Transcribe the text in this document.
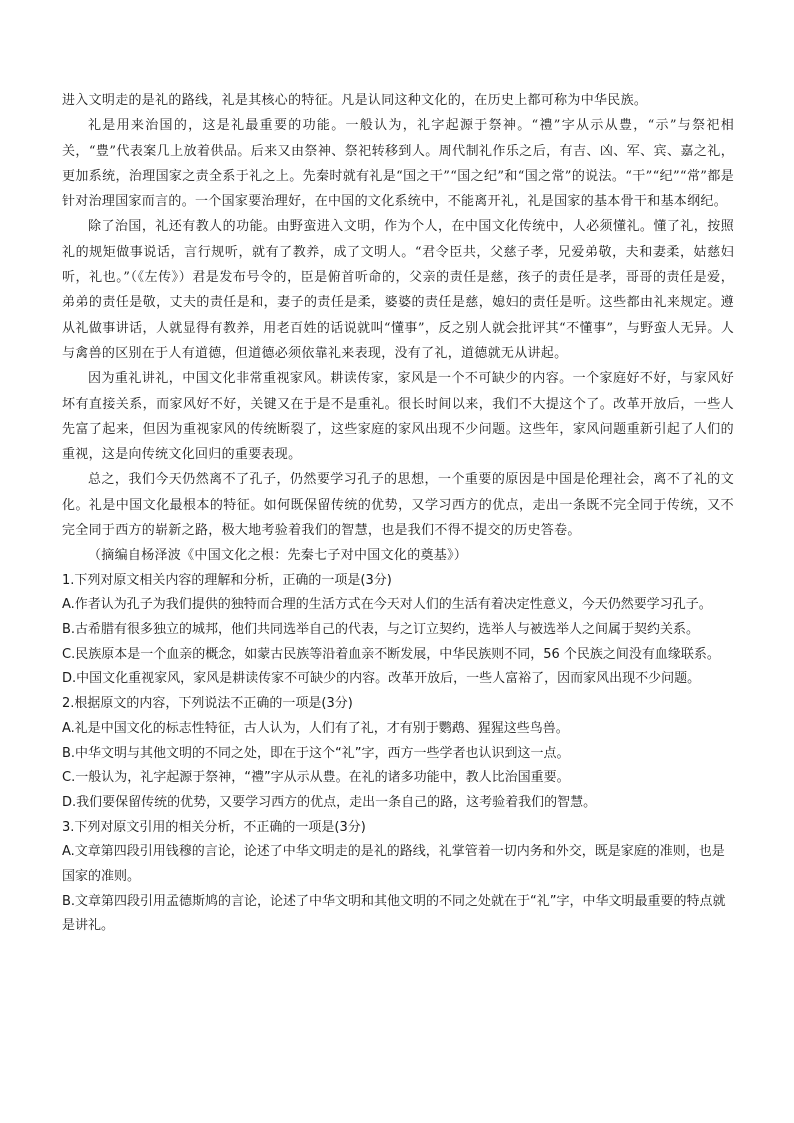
进入文明走的是礼的路线，礼是其核心的特征。凡是认同这种文化的，在历史上都可称为中华民族。

礼是用来治国的，这是礼最重要的功能。一般认为，礼字起源于祭神。“禮”字从示从豊，“示”与祭祀相关，“豊”代表案几上放着供品。后来又由祭神、祭祀转移到人。周代制礼作乐之后，有吉、凶、军、宾、嘉之礼，更加系统，治理国家之责全系于礼之上。先秦时就有礼是“国之干”“国之纪”和“国之常”的说法。“干”“纪”“常”都是针对治理国家而言的。一个国家要治理好，在中国的文化系统中，不能离开礼，礼是国家的基本骨干和基本纲纪。

除了治国，礼还有教人的功能。由野蛮进入文明，作为个人，在中国文化传统中，人必须懂礼。懂了礼，按照礼的规矩做事说话，言行规听，就有了教养，成了文明人。“君令臣共，父慈子孝，兄爱弟敬，夫和妻柔，姑慈妇听，礼也。”（《左传》）君是发布号令的，臣是俯首听命的，父亲的责任是慈，孩子的责任是孝，哥哥的责任是爱，弟弟的责任是敬，丈夫的责任是和，妻子的责任是柔，婆婆的责任是慈，媳妇的责任是听。这些都由礼来规定。遵从礼做事讲话，人就显得有教养，用老百姓的话说就叫“懂事”，反之别人就会批评其“不懂事”，与野蛮人无异。人与禽兽的区别在于人有道德，但道德必须依靠礼来表现，没有了礼，道德就无从讲起。

因为重礼讲礼，中国文化非常重视家风。耕读传家，家风是一个不可缺少的内容。一个家庭好不好，与家风好坏有直接关系，而家风好不好，关键又在于是不是重礼。很长时间以来，我们不大提这个了。改革开放后，一些人先富了起来，但因为重视家风的传统断裂了，这些家庭的家风出现不少问题。这些年，家风问题重新引起了人们的重视，这是向传统文化回归的重要表现。

总之，我们今天仍然离不了孔子，仍然要学习孔子的思想，一个重要的原因是中国是伦理社会，离不了礼的文化。礼是中国文化最根本的特征。如何既保留传统的优势，又学习西方的优点，走出一条既不完全同于传统，又不完全同于西方的崭新之路，极大地考验着我们的智慧，也是我们不得不提交的历史答卷。

（摘编自杨泽波《中国文化之根：先秦七子对中国文化的奠基》）

1.下列对原文相关内容的理解和分析，正确的一项是(3分)

A.作者认为孔子为我们提供的独特而合理的生活方式在今天对人们的生活有着决定性意义，今天仍然要学习孔子。

B.古希腊有很多独立的城邦，他们共同选举自己的代表，与之订立契约，选举人与被选举人之间属于契约关系。

C.民族原本是一个血亲的概念，如蒙古民族等沿着血亲不断发展，中华民族则不同，56 个民族之间没有血缘联系。

D.中国文化重视家风，家风是耕读传家不可缺少的内容。改革开放后，一些人富裕了，因而家风出现不少问题。

2.根据原文的内容，下列说法不正确的一项是(3分)

A.礼是中国文化的标志性特征，古人认为，人们有了礼，才有别于鹦鹉、猩猩这些鸟兽。

B.中华文明与其他文明的不同之处，即在于这个“礼”字，西方一些学者也认识到这一点。

C.一般认为，礼字起源于祭神，“禮”字从示从豊。在礼的诸多功能中，教人比治国重要。

D.我们要保留传统的优势，又要学习西方的优点，走出一条自己的路，这考验着我们的智慧。

3.下列对原文引用的相关分析，不正确的一项是(3分)

A.文章第四段引用钱穆的言论，论述了中华文明走的是礼的路线，礼掌管着一切内务和外交，既是家庭的准则，也是国家的准则。

B.文章第四段引用孟德斯鸠的言论，论述了中华文明和其他文明的不同之处就在于“礼”字，中华文明最重要的特点就是讲礼。
